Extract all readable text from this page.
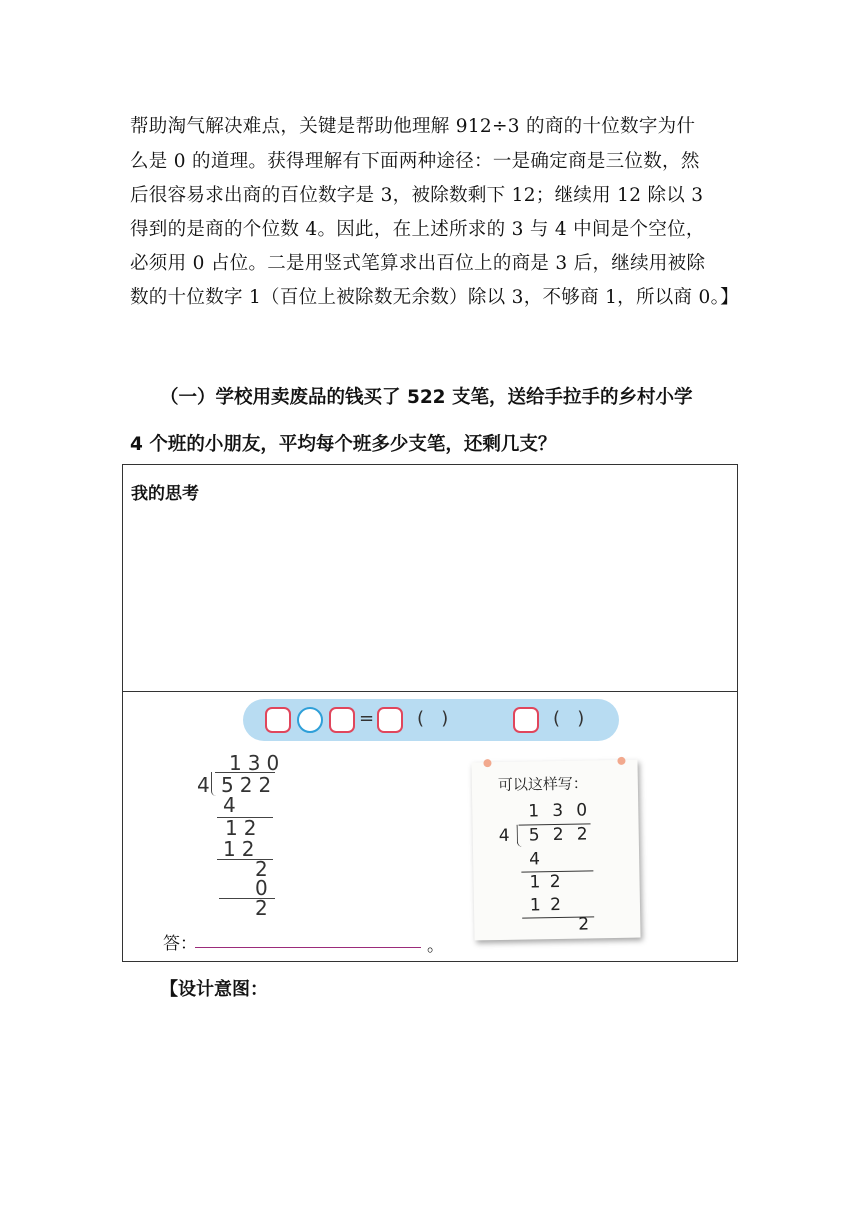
帮助淘气解决难点，关键是帮助他理解 912÷3 的商的十位数字为什
么是 0 的道理。获得理解有下面两种途径：一是确定商是三位数，然
后很容易求出商的百位数字是 3，被除数剩下 12；继续用 12 除以 3
得到的是商的个位数 4。因此，在上述所求的 3 与 4 中间是个空位，
必须用 0 占位。二是用竖式笔算求出百位上的商是 3 后，继续用被除
数的十位数字 1（百位上被除数无余数）除以 3，不够商 1，所以商 0。】
（一）学校用卖废品的钱买了 522 支笔，送给手拉手的乡村小学
4 个班的小朋友，平均每个班多少支笔，还剩几支？
我的思考
= (   )	(   )
130
4 522
4
12
12
2
0
2
可以这样写：
1 3 0
4 5 2 2
4
1 2
1 2
2
答：	。
【设计意图：
